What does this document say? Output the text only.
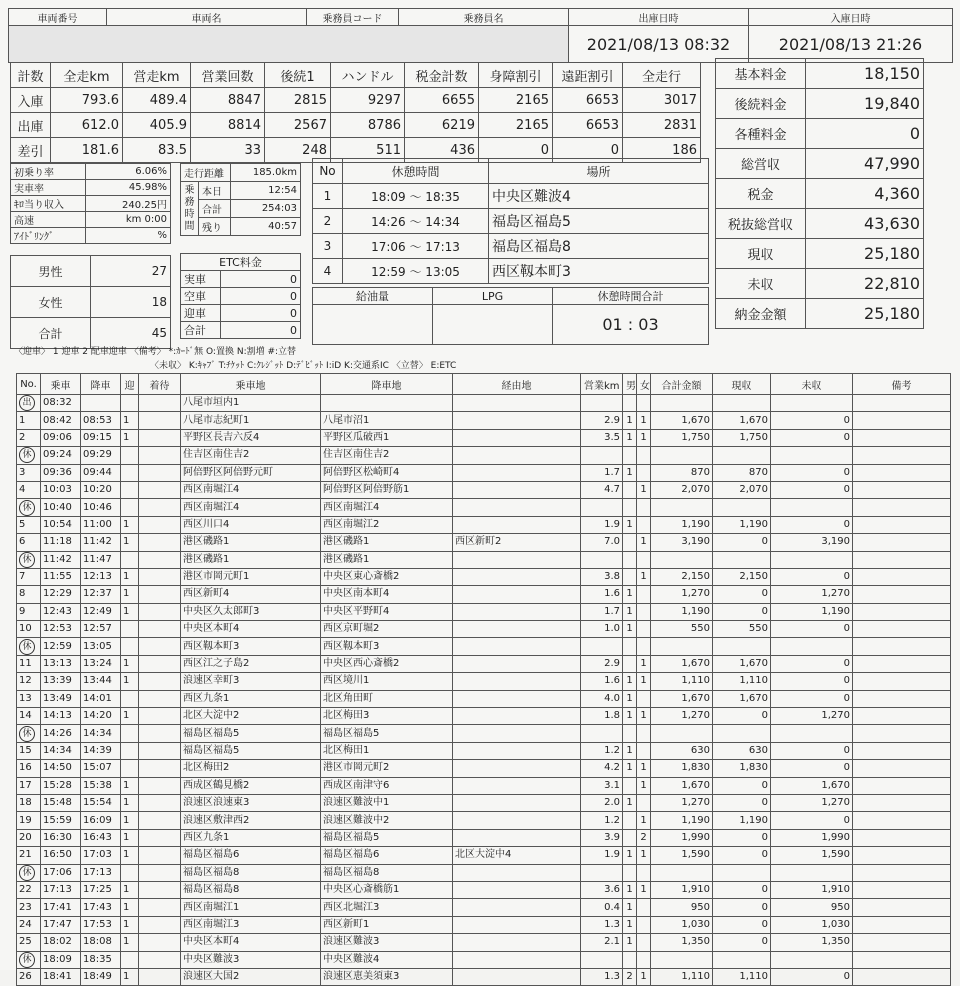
車両番号	車両名	乗務員コード	乗務員名	出庫日時	入庫日時
■■■■				2021/08/13 08:32	2021/08/13 21:26
計数	全走km	営走km	営業回数	後続1	ハンドル	税金計数	身障割引	遠距割引	全走行
入庫	793.6	489.4	8847	2815	9297	6655	2165	6653	3017
出庫	612.0	405.9	8814	2567	8786	6219	2165	6653	2831
差引	181.6	83.5	33	248	511	436	0	0	186
基本料金	18,150
後続料金	19,840
各種料金	0
総営収	47,990
税金	4,360
税抜総営収	43,630
現収	25,180
未収	22,810
納金金額	25,180
初乗り率	6.06%
実車率	45.98%
ｷﾛ当り収入	240.25円
高速	km 0:00
ｱｲﾄﾞﾘﾝｸﾞ	%
走行距離		185.0km
乗務時間	本日	12:54
	合計	254:03
	残り	40:57
No	休憩時間	場所
1	18:09 ～ 18:35	中央区難波4
2	14:26 ～ 14:34	福島区福島5
3	17:06 ～ 17:13	福島区福島8
4	12:59 ～ 13:05	西区靱本町3
給油量	LPG	休憩時間合計
		01 : 03
男性	27
女性	18
合計	45
ETC料金	
実車	0
空車	0
迎車	0
合計	0
〈迎車〉 1 迎車 2 配車迎車 〈備考〉 *:ｶｰﾄﾞ無 O:置換 N:割増 #:立替
〈未収〉 K:ｷｬﾌﾞ T:ﾁｹｯﾄ C:ｸﾚｼﾞｯﾄ D:ﾃﾞﾋﾞｯﾄ I:iD K:交通系IC 〈立替〉 E:ETC
No.	乗車	降車	迎	着待	乗車地	降車地	経由地	営業km	男	女	合計金額	現収	未収	備考
出	08:32				八尾市垣内1									
1	08:42	08:53	1		八尾市志紀町1	八尾市沼1		2.9	1	1	1,670	1,670	0	
2	09:06	09:15	1		平野区長吉六反4	平野区瓜破西1		3.5	1	1	1,750	1,750	0	
休	09:24	09:29			住吉区南住吉2	住吉区南住吉2								
3	09:36	09:44			阿倍野区阿倍野元町	阿倍野区松崎町4		1.7	1		870	870	0	
4	10:03	10:20			西区南堀江4	阿倍野区阿倍野筋1		4.7		1	2,070	2,070	0	
休	10:40	10:46			西区南堀江4	西区南堀江4								
5	10:54	11:00	1		西区川口4	西区南堀江2		1.9	1		1,190	1,190	0	
6	11:18	11:42	1		港区磯路1	港区磯路1	西区新町2	7.0		1	3,190	0	3,190	
休	11:42	11:47			港区磯路1	港区磯路1								
7	11:55	12:13	1		港区市岡元町1	中央区東心斎橋2		3.8		1	2,150	2,150	0	
8	12:29	12:37	1		西区新町4	中央区南本町4		1.6	1		1,270	0	1,270	
9	12:43	12:49	1		中央区久太郎町3	中央区平野町4		1.7	1		1,190	0	1,190	
10	12:53	12:57			中央区本町4	西区京町堀2		1.0	1		550	550	0	
休	12:59	13:05			西区靱本町3	西区靱本町3								
11	13:13	13:24	1		西区江之子島2	中央区西心斎橋2		2.9		1	1,670	1,670	0	
12	13:39	13:44	1		浪速区幸町3	西区境川1		1.6	1	1	1,110	1,110	0	
13	13:49	14:01			西区九条1	北区角田町		4.0	1		1,670	1,670	0	
14	14:13	14:20	1		北区大淀中2	北区梅田3		1.8	1	1	1,270	0	1,270	
休	14:26	14:34			福島区福島5	福島区福島5								
15	14:34	14:39			福島区福島5	北区梅田1		1.2	1		630	630	0	
16	14:50	15:07			北区梅田2	港区市岡元町2		4.2	1	1	1,830	1,830	0	
17	15:28	15:38	1		西成区鶴見橋2	西成区南津守6		3.1		1	1,670	0	1,670	
18	15:48	15:54	1		浪速区浪速東3	浪速区難波中1		2.0	1		1,270	0	1,270	
19	15:59	16:09	1		浪速区敷津西2	浪速区難波中2		1.2		1	1,190	1,190	0	
20	16:30	16:43	1		西区九条1	福島区福島5		3.9		2	1,990	0	1,990	
21	16:50	17:03	1		福島区福島6	福島区福島6	北区大淀中4	1.9	1	1	1,590	0	1,590	
休	17:06	17:13			福島区福島8	福島区福島8								
22	17:13	17:25	1		福島区福島8	中央区心斎橋筋1		3.6	1	1	1,910	0	1,910	
23	17:41	17:43	1		西区南堀江1	西区北堀江3		0.4	1		950	0	950	
24	17:47	17:53	1		西区南堀江3	西区新町1		1.3	1		1,030	0	1,030	
25	18:02	18:08	1		中央区本町4	浪速区難波3		2.1	1		1,350	0	1,350	
休	18:09	18:35			中央区難波3	中央区難波4								
26	18:41	18:49	1		浪速区大国2	浪速区恵美須東3		1.3	2	1	1,110	1,110	0	
